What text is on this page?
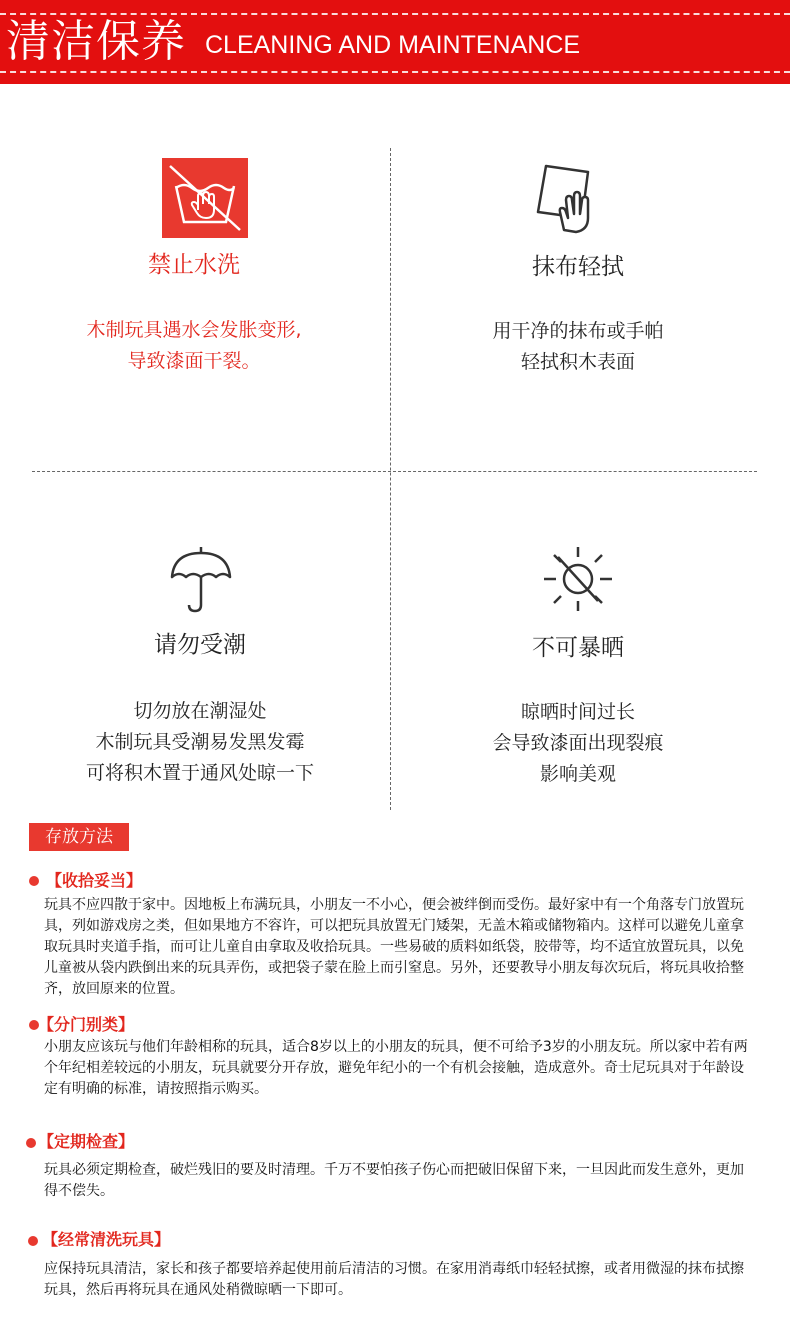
清洁保养 CLEANING AND MAINTENANCE
禁止水洗
木制玩具遇水会发胀变形,
导致漆面干裂。
抹布轻拭
用干净的抹布或手帕
轻拭积木表面
请勿受潮
切勿放在潮湿处
木制玩具受潮易发黑发霉
可将积木置于通风处晾一下
不可暴晒
晾晒时间过长
会导致漆面出现裂痕
影响美观
存放方法
【收拾妥当】
玩具不应四散于家中。因地板上布满玩具，小朋友一不小心，便会被绊倒而受伤。最好家中有一个角落专门放置玩具，列如游戏房之类，但如果地方不容许，可以把玩具放置无门矮架，无盖木箱或储物箱内。这样可以避免儿童拿取玩具时夹道手指，而可让儿童自由拿取及收拾玩具。一些易破的质料如纸袋，胶带等，均不适宜放置玩具，以免儿童被从袋内跌倒出来的玩具弄伤，或把袋子蒙在脸上而引窒息。另外，还要教导小朋友每次玩后，将玩具收拾整齐，放回原来的位置。
【分门别类】
小朋友应该玩与他们年龄相称的玩具，适合8岁以上的小朋友的玩具，便不可给予3岁的小朋友玩。所以家中若有两个年纪相差较远的小朋友，玩具就要分开存放，避免年纪小的一个有机会接触，造成意外。奇士尼玩具对于年龄设定有明确的标准，请按照指示购买。
【定期检查】
玩具必须定期检查，破烂残旧的要及时清理。千万不要怕孩子伤心而把破旧保留下来，一旦因此而发生意外，更加得不偿失。
【经常清洗玩具】
应保持玩具清洁，家长和孩子都要培养起使用前后清洁的习惯。在家用消毒纸巾轻轻拭擦，或者用微湿的抹布拭擦玩具，然后再将玩具在通风处稍微晾晒一下即可。
